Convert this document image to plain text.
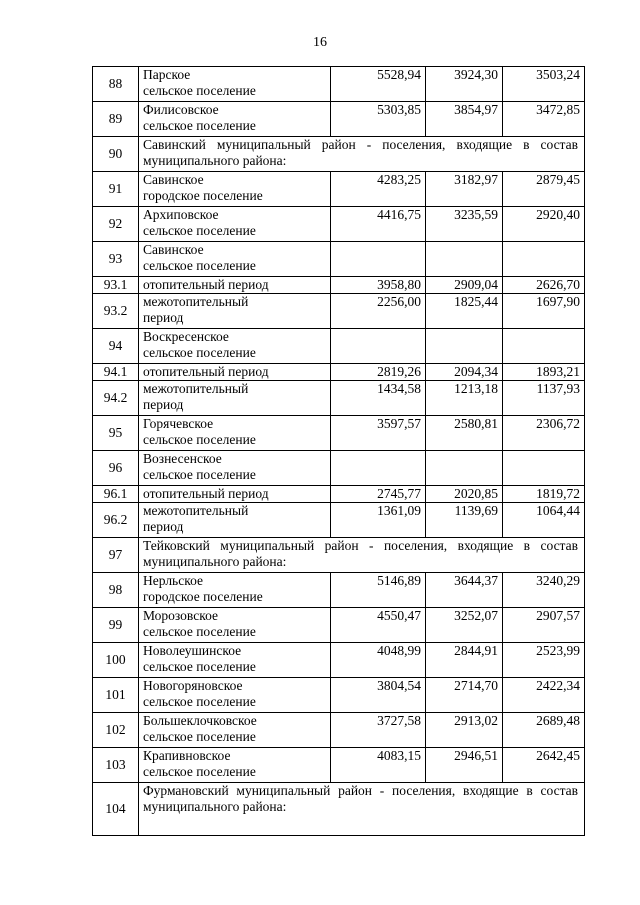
16
88	Парское
сельское поселение	5528,94	3924,30	3503,24
89	Филисовское
сельское поселение	5303,85	3854,97	3472,85
90	Савинский муниципальный район - поселения, входящие в состав муниципального района:			
91	Савинское
городское поселение	4283,25	3182,97	2879,45
92	Архиповское
сельское поселение	4416,75	3235,59	2920,40
93	Савинское
сельское поселение			
93.1	отопительный период	3958,80	2909,04	2626,70
93.2	межотопительный
период	2256,00	1825,44	1697,90
94	Воскресенское
сельское поселение			
94.1	отопительный период	2819,26	2094,34	1893,21
94.2	межотопительный
период	1434,58	1213,18	1137,93
95	Горячевское
сельское поселение	3597,57	2580,81	2306,72
96	Вознесенское
сельское поселение			
96.1	отопительный период	2745,77	2020,85	1819,72
96.2	межотопительный
период	1361,09	1139,69	1064,44
97	Тейковский муниципальный район - поселения, входящие в состав муниципального района:			
98	Нерльское
городское поселение	5146,89	3644,37	3240,29
99	Морозовское
сельское поселение	4550,47	3252,07	2907,57
100	Новолеушинское
сельское поселение	4048,99	2844,91	2523,99
101	Новогоряновское
сельское поселение	3804,54	2714,70	2422,34
102	Большеклочковское
сельское поселение	3727,58	2913,02	2689,48
103	Крапивновское
сельское поселение	4083,15	2946,51	2642,45
104	Фурмановский муниципальный район - поселения, входящие в состав муниципального района:			
